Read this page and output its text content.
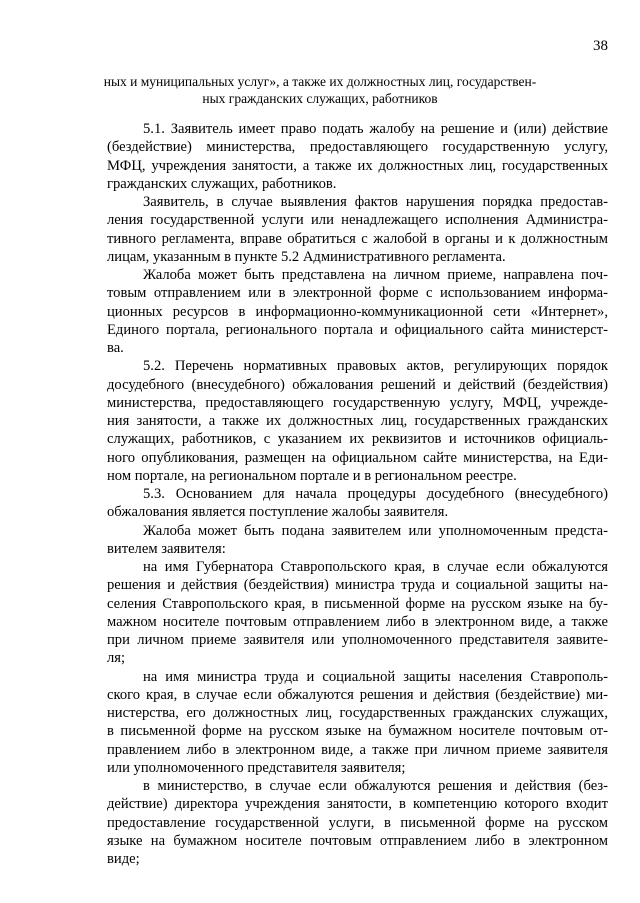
38
ных и муниципальных услуг», а также их должностных лиц, государствен-
ных гражданских служащих, работников
5.1. Заявитель имеет право подать жалобу на решение и (или) действие
(бездействие) министерства, предоставляющего государственную услугу,
МФЦ, учреждения занятости, а также их должностных лиц, государственных
гражданских служащих, работников.
Заявитель, в случае выявления фактов нарушения порядка предостав-
ления государственной услуги или ненадлежащего исполнения Администра-
тивного регламента, вправе обратиться с жалобой в органы и к должностным
лицам, указанным в пункте 5.2 Административного регламента.
Жалоба может быть представлена на личном приеме, направлена поч-
товым отправлением или в электронной форме с использованием информа-
ционных ресурсов в информационно-коммуникационной сети «Интернет»,
Единого портала, регионального портала и официального сайта министерст-
ва.
5.2. Перечень нормативных правовых актов, регулирующих порядок
досудебного (внесудебного) обжалования решений и действий (бездействия)
министерства, предоставляющего государственную услугу, МФЦ, учрежде-
ния занятости, а также их должностных лиц, государственных гражданских
служащих, работников, с указанием их реквизитов и источников официаль-
ного опубликования, размещен на официальном сайте министерства, на Еди-
ном портале, на региональном портале и в региональном реестре.
5.3. Основанием для начала процедуры досудебного (внесудебного)
обжалования является поступление жалобы заявителя.
Жалоба может быть подана заявителем или уполномоченным предста-
вителем заявителя:
на имя Губернатора Ставропольского края, в случае если обжалуются
решения и действия (бездействия) министра труда и социальной защиты на-
селения Ставропольского края, в письменной форме на русском языке на бу-
мажном носителе почтовым отправлением либо в электронном виде, а также
при личном приеме заявителя или уполномоченного представителя заявите-
ля;
на имя министра труда и социальной защиты населения Ставрополь-
ского края, в случае если обжалуются решения и действия (бездействие) ми-
нистерства, его должностных лиц, государственных гражданских служащих,
в письменной форме на русском языке на бумажном носителе почтовым от-
правлением либо в электронном виде, а также при личном приеме заявителя
или уполномоченного представителя заявителя;
в министерство, в случае если обжалуются решения и действия (без-
действие) директора учреждения занятости, в компетенцию которого входит
предоставление государственной услуги, в письменной форме на русском
языке на бумажном носителе почтовым отправлением либо в электронном
виде;
